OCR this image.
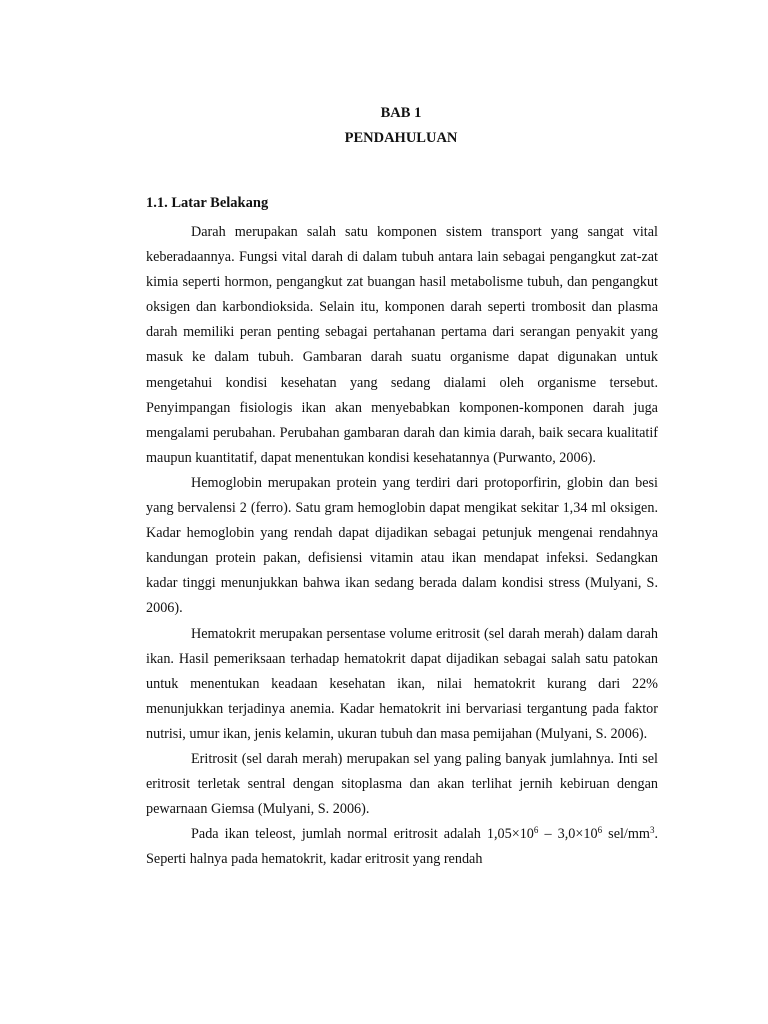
BAB 1
PENDAHULUAN
1.1. Latar Belakang

Darah merupakan salah satu komponen sistem transport yang sangat vital keberadaannya. Fungsi vital darah di dalam tubuh antara lain sebagai pengangkut zat-zat kimia seperti hormon, pengangkut zat buangan hasil metabolisme tubuh, dan pengangkut oksigen dan karbondioksida. Selain itu, komponen darah seperti trombosit dan plasma darah memiliki peran penting sebagai pertahanan pertama dari serangan penyakit yang masuk ke dalam tubuh. Gambaran darah suatu organisme dapat digunakan untuk mengetahui kondisi kesehatan yang sedang dialami oleh organisme tersebut. Penyimpangan fisiologis ikan akan menyebabkan komponen-komponen darah juga mengalami perubahan. Perubahan gambaran darah dan kimia darah, baik secara kualitatif maupun kuantitatif, dapat menentukan kondisi kesehatannya (Purwanto, 2006).

Hemoglobin merupakan protein yang terdiri dari protoporfirin, globin dan besi yang bervalensi 2 (ferro). Satu gram hemoglobin dapat mengikat sekitar 1,34 ml oksigen. Kadar hemoglobin yang rendah dapat dijadikan sebagai petunjuk mengenai rendahnya kandungan protein pakan, defisiensi vitamin atau ikan mendapat infeksi. Sedangkan kadar tinggi menunjukkan bahwa ikan sedang berada dalam kondisi stress (Mulyani, S. 2006).

Hematokrit merupakan persentase volume eritrosit (sel darah merah) dalam darah ikan. Hasil pemeriksaan terhadap hematokrit dapat dijadikan sebagai salah satu patokan untuk menentukan keadaan kesehatan ikan, nilai hematokrit kurang dari 22% menunjukkan terjadinya anemia. Kadar hematokrit ini bervariasi tergantung pada faktor nutrisi, umur ikan, jenis kelamin, ukuran tubuh dan masa pemijahan (Mulyani, S. 2006).

Eritrosit (sel darah merah) merupakan sel yang paling banyak jumlahnya. Inti sel eritrosit terletak sentral dengan sitoplasma dan akan terlihat jernih kebiruan dengan pewarnaan Giemsa (Mulyani, S. 2006).

Pada ikan teleost, jumlah normal eritrosit adalah $1,05\times 10^6 - 3,0\times 10^6$ sel/$mm^3$. Seperti halnya pada hematokrit, kadar eritrosit yang rendah
